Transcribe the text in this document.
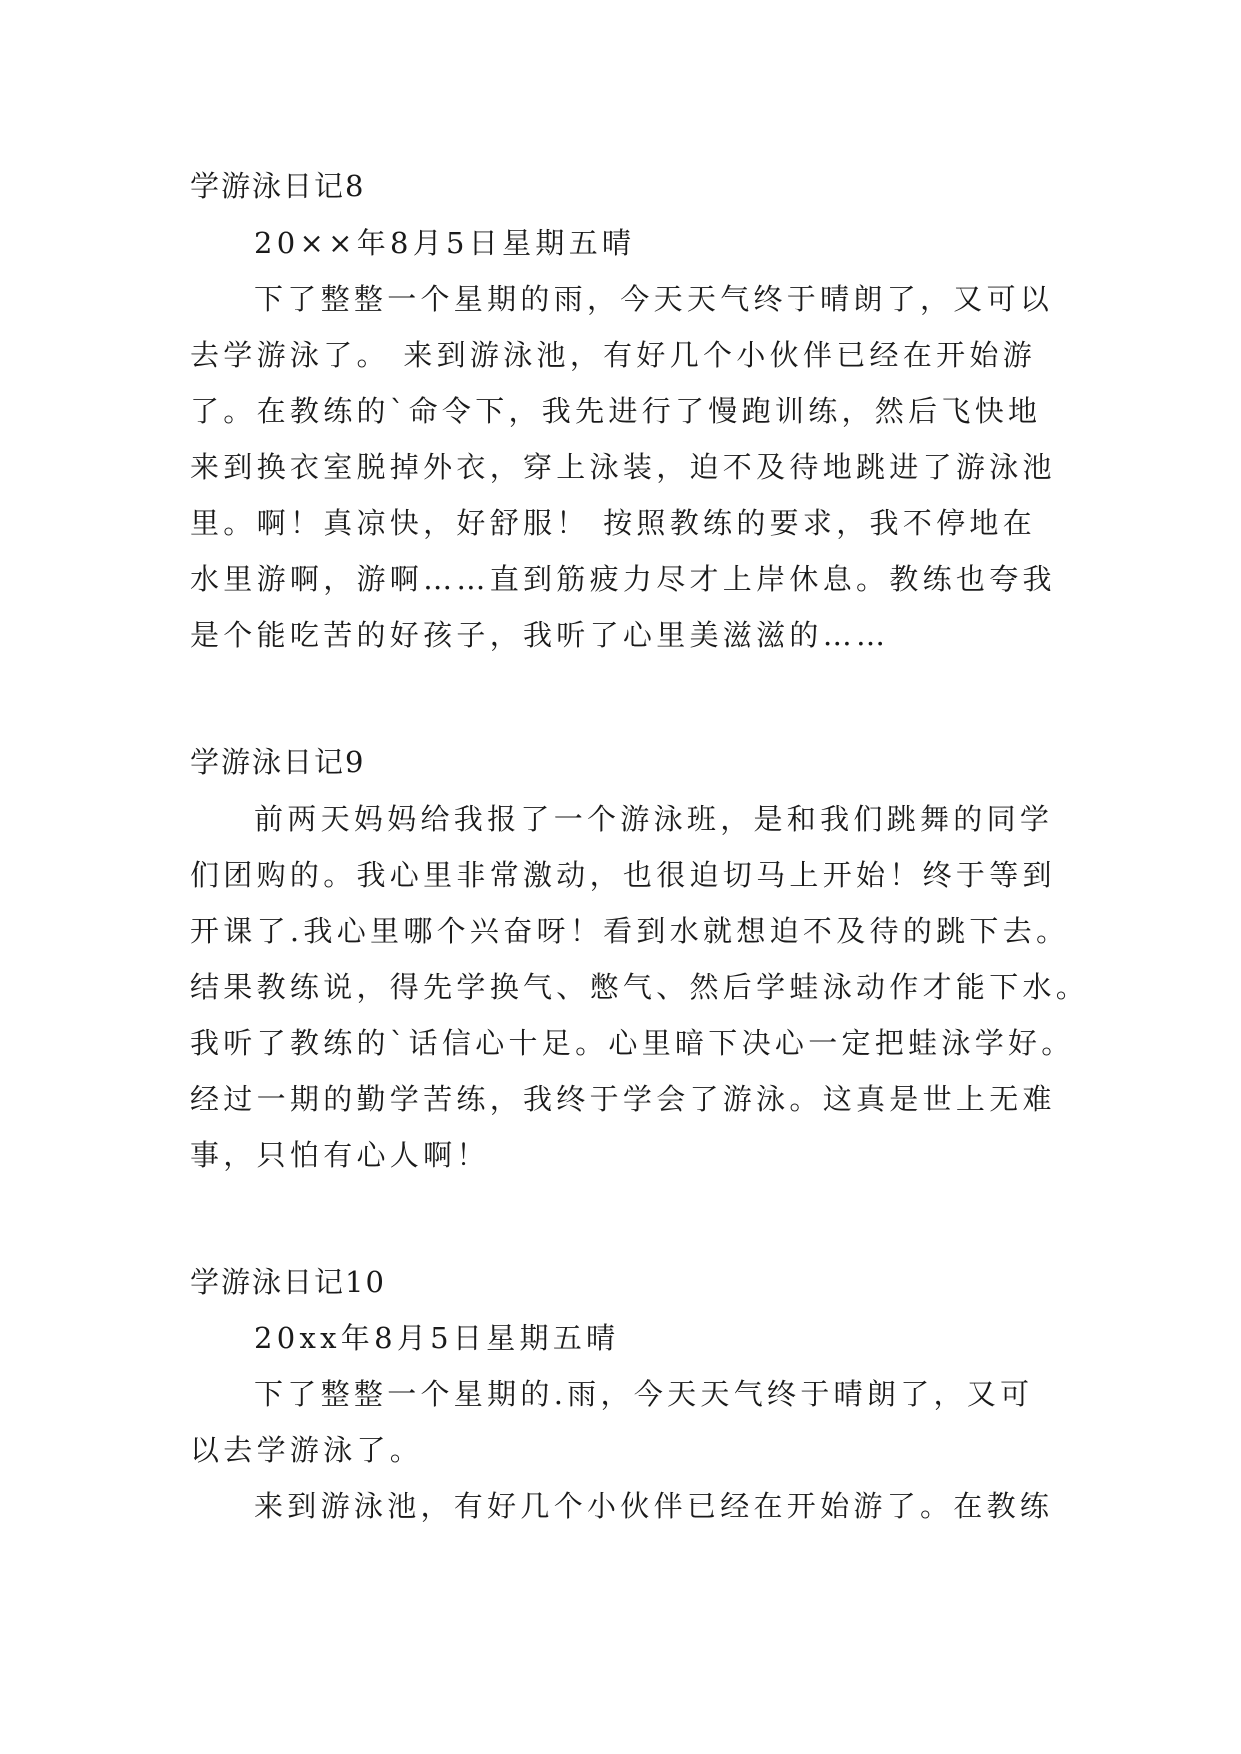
学游泳日记8
20××年8月5日星期五晴
下了整整一个星期的雨，今天天气终于晴朗了，又可以
去学游泳了。 来到游泳池，有好几个小伙伴已经在开始游
了。在教练的`命令下，我先进行了慢跑训练，然后飞快地
来到换衣室脱掉外衣，穿上泳装，迫不及待地跳进了游泳池
里。啊！真凉快，好舒服！ 按照教练的要求，我不停地在
水里游啊，游啊……直到筋疲力尽才上岸休息。教练也夸我
是个能吃苦的好孩子，我听了心里美滋滋的……
学游泳日记9
前两天妈妈给我报了一个游泳班，是和我们跳舞的同学
们团购的。我心里非常激动，也很迫切马上开始！终于等到
开课了.我心里哪个兴奋呀！看到水就想迫不及待的跳下去。
结果教练说，得先学换气、憋气、然后学蛙泳动作才能下水。
我听了教练的`话信心十足。心里暗下决心一定把蛙泳学好。
经过一期的勤学苦练，我终于学会了游泳。这真是世上无难
事，只怕有心人啊！
学游泳日记10
20xx年8月5日星期五晴
下了整整一个星期的.雨，今天天气终于晴朗了，又可
以去学游泳了。
来到游泳池，有好几个小伙伴已经在开始游了。在教练
